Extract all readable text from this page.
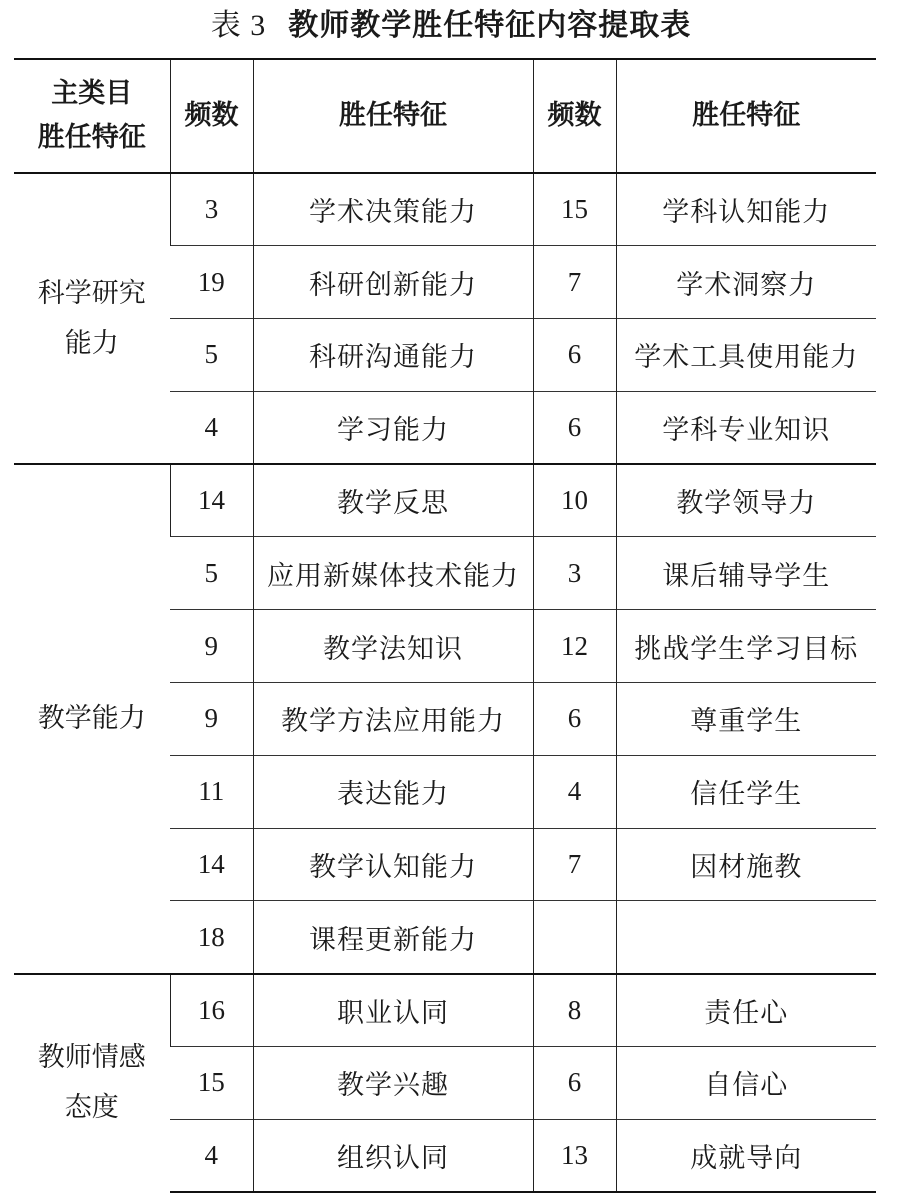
表 3 教师教学胜任特征内容提取表
主类目
胜任特征	频数	胜任特征	频数	胜任特征

科学研究
能力	3	学术决策能力	15	学科认知能力
	19	科研创新能力	7	学术洞察力
	5	科研沟通能力	6	学术工具使用能力
	4	学习能力	6	学科专业知识

教学能力	14	教学反思	10	教学领导力
	5	应用新媒体技术能力	3	课后辅导学生
	9	教学法知识	12	挑战学生学习目标
	9	教学方法应用能力	6	尊重学生
	11	表达能力	4	信任学生
	14	教学认知能力	7	因材施教
	18	课程更新能力		

教师情感
态度	16	职业认同	8	责任心
	15	教学兴趣	6	自信心
	4	组织认同	13	成就导向
